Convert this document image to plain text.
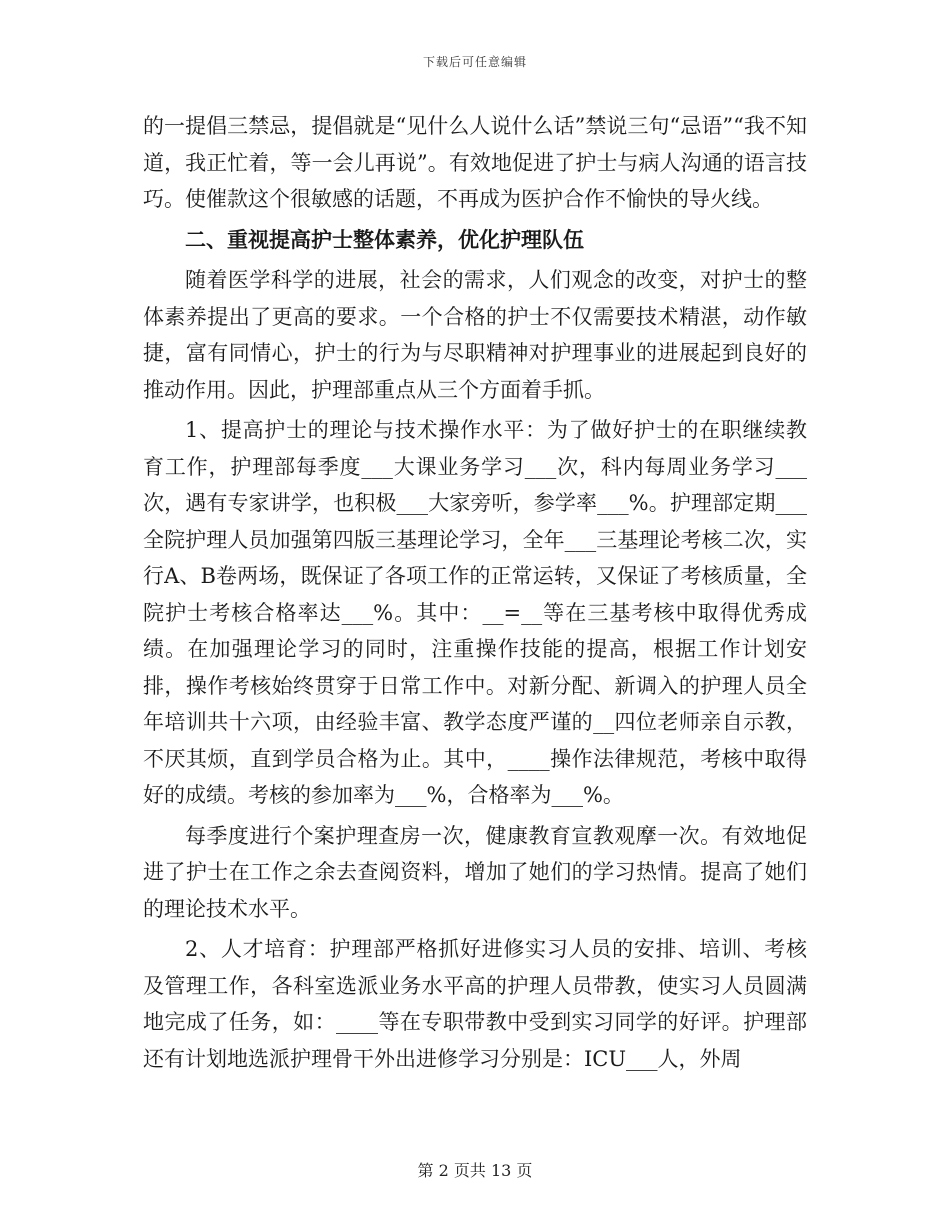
下载后可任意编辑

的一提倡三禁忌，提倡就是“见什么人说什么话”禁说三句“忌语”“我不知道，我正忙着，等一会儿再说”。有效地促进了护士与病人沟通的语言技巧。使催款这个很敏感的话题，不再成为医护合作不愉快的导火线。

二、重视提高护士整体素养，优化护理队伍

随着医学科学的进展，社会的需求，人们观念的改变，对护士的整体素养提出了更高的要求。一个合格的护士不仅需要技术精湛，动作敏捷，富有同情心，护士的行为与尽职精神对护理事业的进展起到良好的推动作用。因此，护理部重点从三个方面着手抓。

1、提高护士的理论与技术操作水平：为了做好护士的在职继续教育工作，护理部每季度___大课业务学习___次，科内每周业务学习___次，遇有专家讲学，也积极___大家旁听，参学率___%。护理部定期___全院护理人员加强第四版三基理论学习，全年___三基理论考核二次，实行A、B卷两场，既保证了各项工作的正常运转，又保证了考核质量，全院护士考核合格率达___%。其中：__=__等在三基考核中取得优秀成绩。在加强理论学习的同时，注重操作技能的提高，根据工作计划安排，操作考核始终贯穿于日常工作中。对新分配、新调入的护理人员全年培训共十六项，由经验丰富、教学态度严谨的__四位老师亲自示教，不厌其烦，直到学员合格为止。其中，____操作法律规范，考核中取得好的成绩。考核的参加率为___%，合格率为___%。

每季度进行个案护理查房一次，健康教育宣教观摩一次。有效地促进了护士在工作之余去查阅资料，增加了她们的学习热情。提高了她们的理论技术水平。

2、人才培育：护理部严格抓好进修实习人员的安排、培训、考核及管理工作，各科室选派业务水平高的护理人员带教，使实习人员圆满地完成了任务，如：____等在专职带教中受到实习同学的好评。护理部还有计划地选派护理骨干外出进修学习分别是：ICU___人，外周

第 2 页共 13 页
